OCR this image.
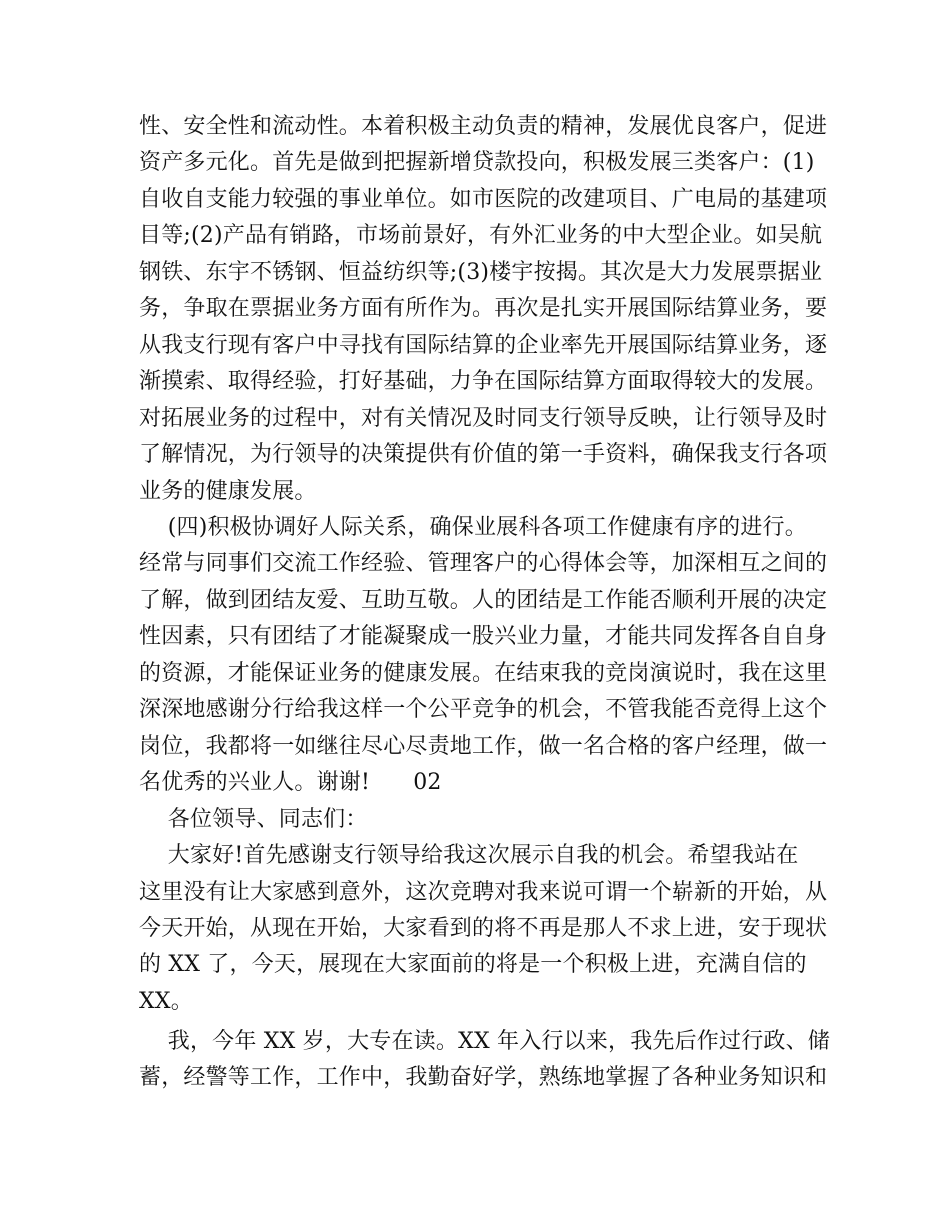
性、安全性和流动性。本着积极主动负责的精神，发展优良客户，促进
资产多元化。首先是做到把握新增贷款投向，积极发展三类客户：(1)
自收自支能力较强的事业单位。如市医院的改建项目、广电局的基建项
目等;(2)产品有销路，市场前景好，有外汇业务的中大型企业。如吴航
钢铁、东宇不锈钢、恒益纺织等;(3)楼宇按揭。其次是大力发展票据业
务，争取在票据业务方面有所作为。再次是扎实开展国际结算业务，要
从我支行现有客户中寻找有国际结算的企业率先开展国际结算业务，逐
渐摸索、取得经验，打好基础，力争在国际结算方面取得较大的发展。
对拓展业务的过程中，对有关情况及时同支行领导反映，让行领导及时
了解情况，为行领导的决策提供有价值的第一手资料，确保我支行各项
业务的健康发展。
(四)积极协调好人际关系，确保业展科各项工作健康有序的进行。
经常与同事们交流工作经验、管理客户的心得体会等，加深相互之间的
了解，做到团结友爱、互助互敬。人的团结是工作能否顺利开展的决定
性因素，只有团结了才能凝聚成一股兴业力量，才能共同发挥各自自身
的资源，才能保证业务的健康发展。在结束我的竞岗演说时，我在这里
深深地感谢分行给我这样一个公平竞争的机会，不管我能否竞得上这个
岗位，我都将一如继往尽心尽责地工作，做一名合格的客户经理，做一
名优秀的兴业人。谢谢!      02
各位领导、同志们：
大家好!首先感谢支行领导给我这次展示自我的机会。希望我站在
这里没有让大家感到意外，这次竞聘对我来说可谓一个崭新的开始，从
今天开始，从现在开始，大家看到的将不再是那人不求上进，安于现状
的 XX 了，今天，展现在大家面前的将是一个积极上进，充满自信的
XX。
我，今年 XX 岁，大专在读。XX 年入行以来，我先后作过行政、储
蓄，经警等工作，工作中，我勤奋好学，熟练地掌握了各种业务知识和
